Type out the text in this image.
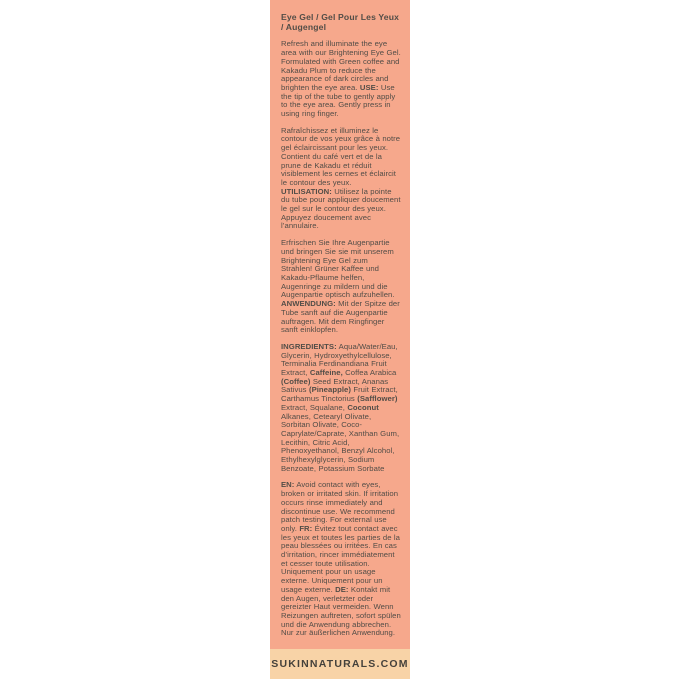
Eye Gel / Gel Pour Les Yeux / Augengel

Refresh and illuminate the eye area with our Brightening Eye Gel. Formulated with Green coffee and Kakadu Plum to reduce the appearance of dark circles and brighten the eye area. USE: Use the tip of the tube to gently apply to the eye area. Gently press in using ring finger.

Rafraîchissez et illuminez le contour de vos yeux grâce à notre gel éclaircissant pour les yeux. Contient du café vert et de la prune de Kakadu et réduit visiblement les cernes et éclaircit le contour des yeux. UTILISATION: Utilisez la pointe du tube pour appliquer doucement le gel sur le contour des yeux. Appuyez doucement avec l’annulaire.

Erfrischen Sie Ihre Augenpartie und bringen Sie sie mit unserem Brightening Eye Gel zum Strahlen! Grüner Kaffee und Kakadu-Pflaume helfen, Augenringe zu mildern und die Augenpartie optisch aufzuhellen. ANWENDUNG: Mit der Spitze der Tube sanft auf die Augenpartie auftragen. Mit dem Ringfinger sanft einklopfen.

INGREDIENTS: Aqua/Water/Eau, Glycerin, Hydroxyethylcellulose, Terminalia Ferdinandiana Fruit Extract, Caffeine, Coffea Arabica (Coffee) Seed Extract, Ananas Sativus (Pineapple) Fruit Extract, Carthamus Tinctorius (Safflower) Extract, Squalane, Coconut Alkanes, Cetearyl Olivate, Sorbitan Olivate, Coco-Caprylate/Caprate, Xanthan Gum, Lecithin, Citric Acid, Phenoxyethanol, Benzyl Alcohol, Ethylhexylglycerin, Sodium Benzoate, Potassium Sorbate

EN: Avoid contact with eyes, broken or irritated skin. If irritation occurs rinse immediately and discontinue use. We recommend patch testing. For external use only. FR: Évitez tout contact avec les yeux et toutes les parties de la peau blessées ou irritées. En cas d’irritation, rincer immédiatement et cesser toute utilisation. Uniquement pour un usage externe. Uniquement pour un usage externe. DE: Kontakt mit den Augen, verletzter oder gereizter Haut vermeiden. Wenn Reizungen auftreten, sofort spülen und die Anwendung abbrechen. Nur zur äußerlichen Anwendung.

SUKINNATURALS.COM
